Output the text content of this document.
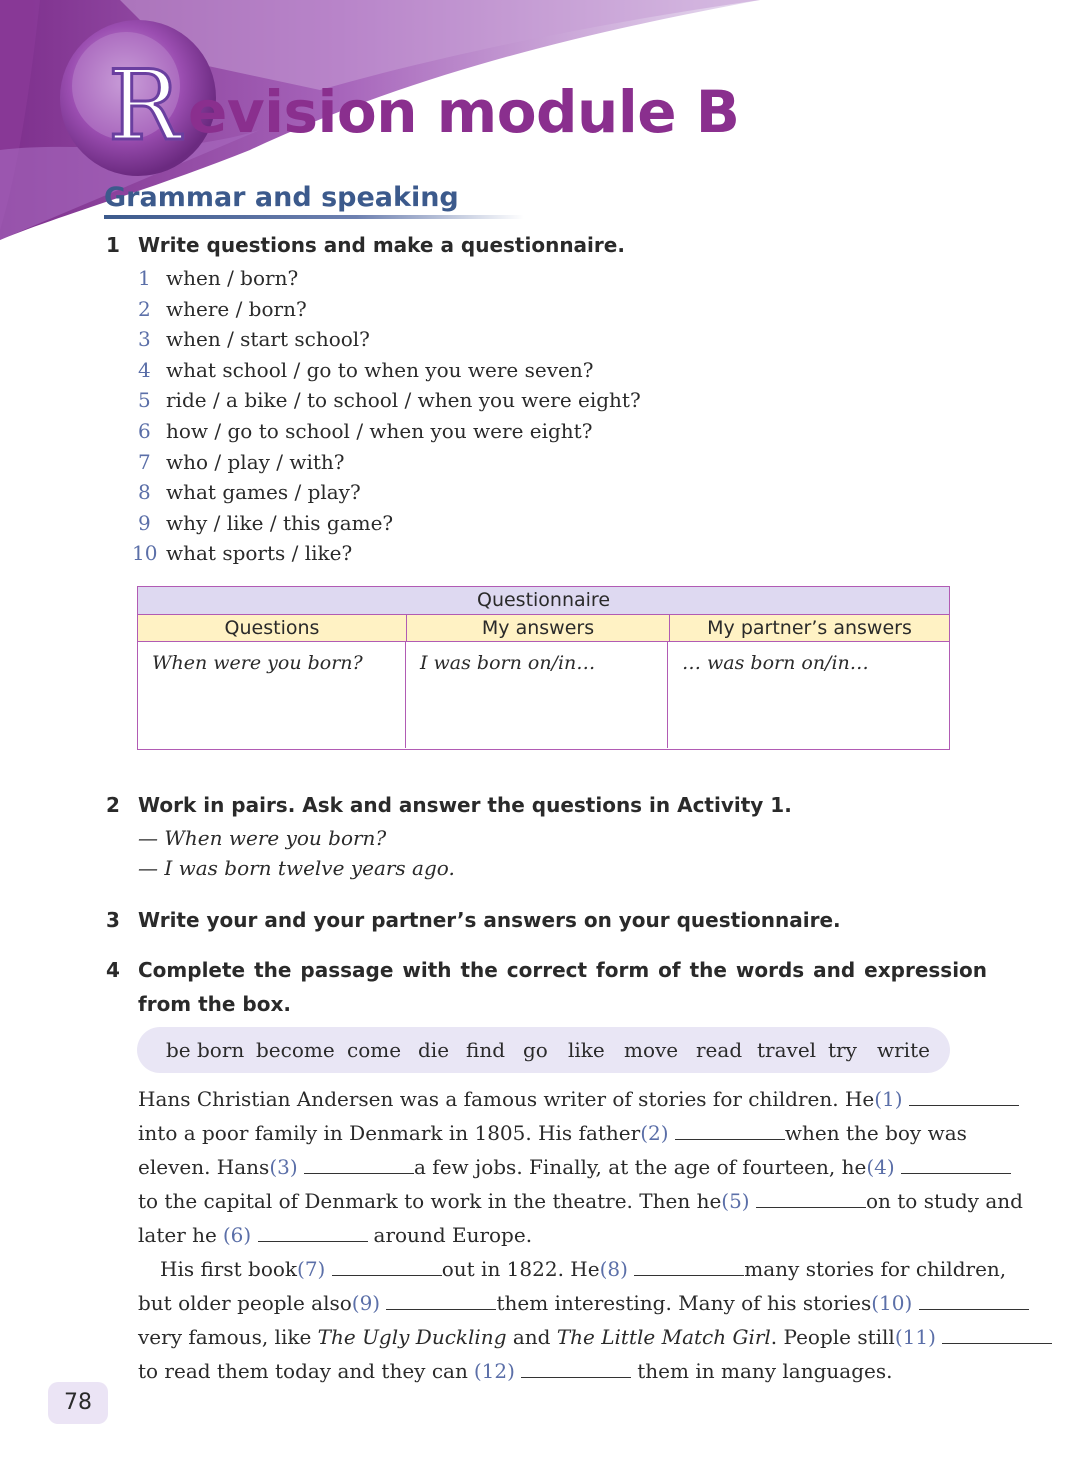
R evision module B
Grammar and speaking
1 Write questions and make a questionnaire.
1 when / born?
2 where / born?
3 when / start school?
4 what school / go to when you were seven?
5 ride / a bike / to school / when you were eight?
6 how / go to school / when you were eight?
7 who / play / with?
8 what games / play?
9 why / like / this game?
10 what sports / like?
Questionnaire
Questions	My answers	My partner’s answers
When were you born?	I was born on/in…	… was born on/in…
2 Work in pairs. Ask and answer the questions in Activity 1.
— When were you born?
— I was born twelve years ago.
3 Write your and your partner’s answers on your questionnaire.
4 Complete the passage with the correct form of the words and expression
from the box.
be born become come die find go like move read travel try write
Hans Christian Andersen was a famous writer of stories for children. He (1)
into a poor family in Denmark in 1805. His father (2)	when the boy was
eleven. Hans (3)	a few jobs. Finally, at the age of fourteen, he (4)
to the capital of Denmark to work in the theatre. Then he (5)	on to study and
later he (6)	around Europe.
His first book (7)	out in 1822. He (8)	many stories for children,
but older people also (9)	them interesting. Many of his stories (10)
very famous, like The Ugly Duckling and The Little Match Girl. People still (11)
to read them today and they can (12)	them in many languages.
78
